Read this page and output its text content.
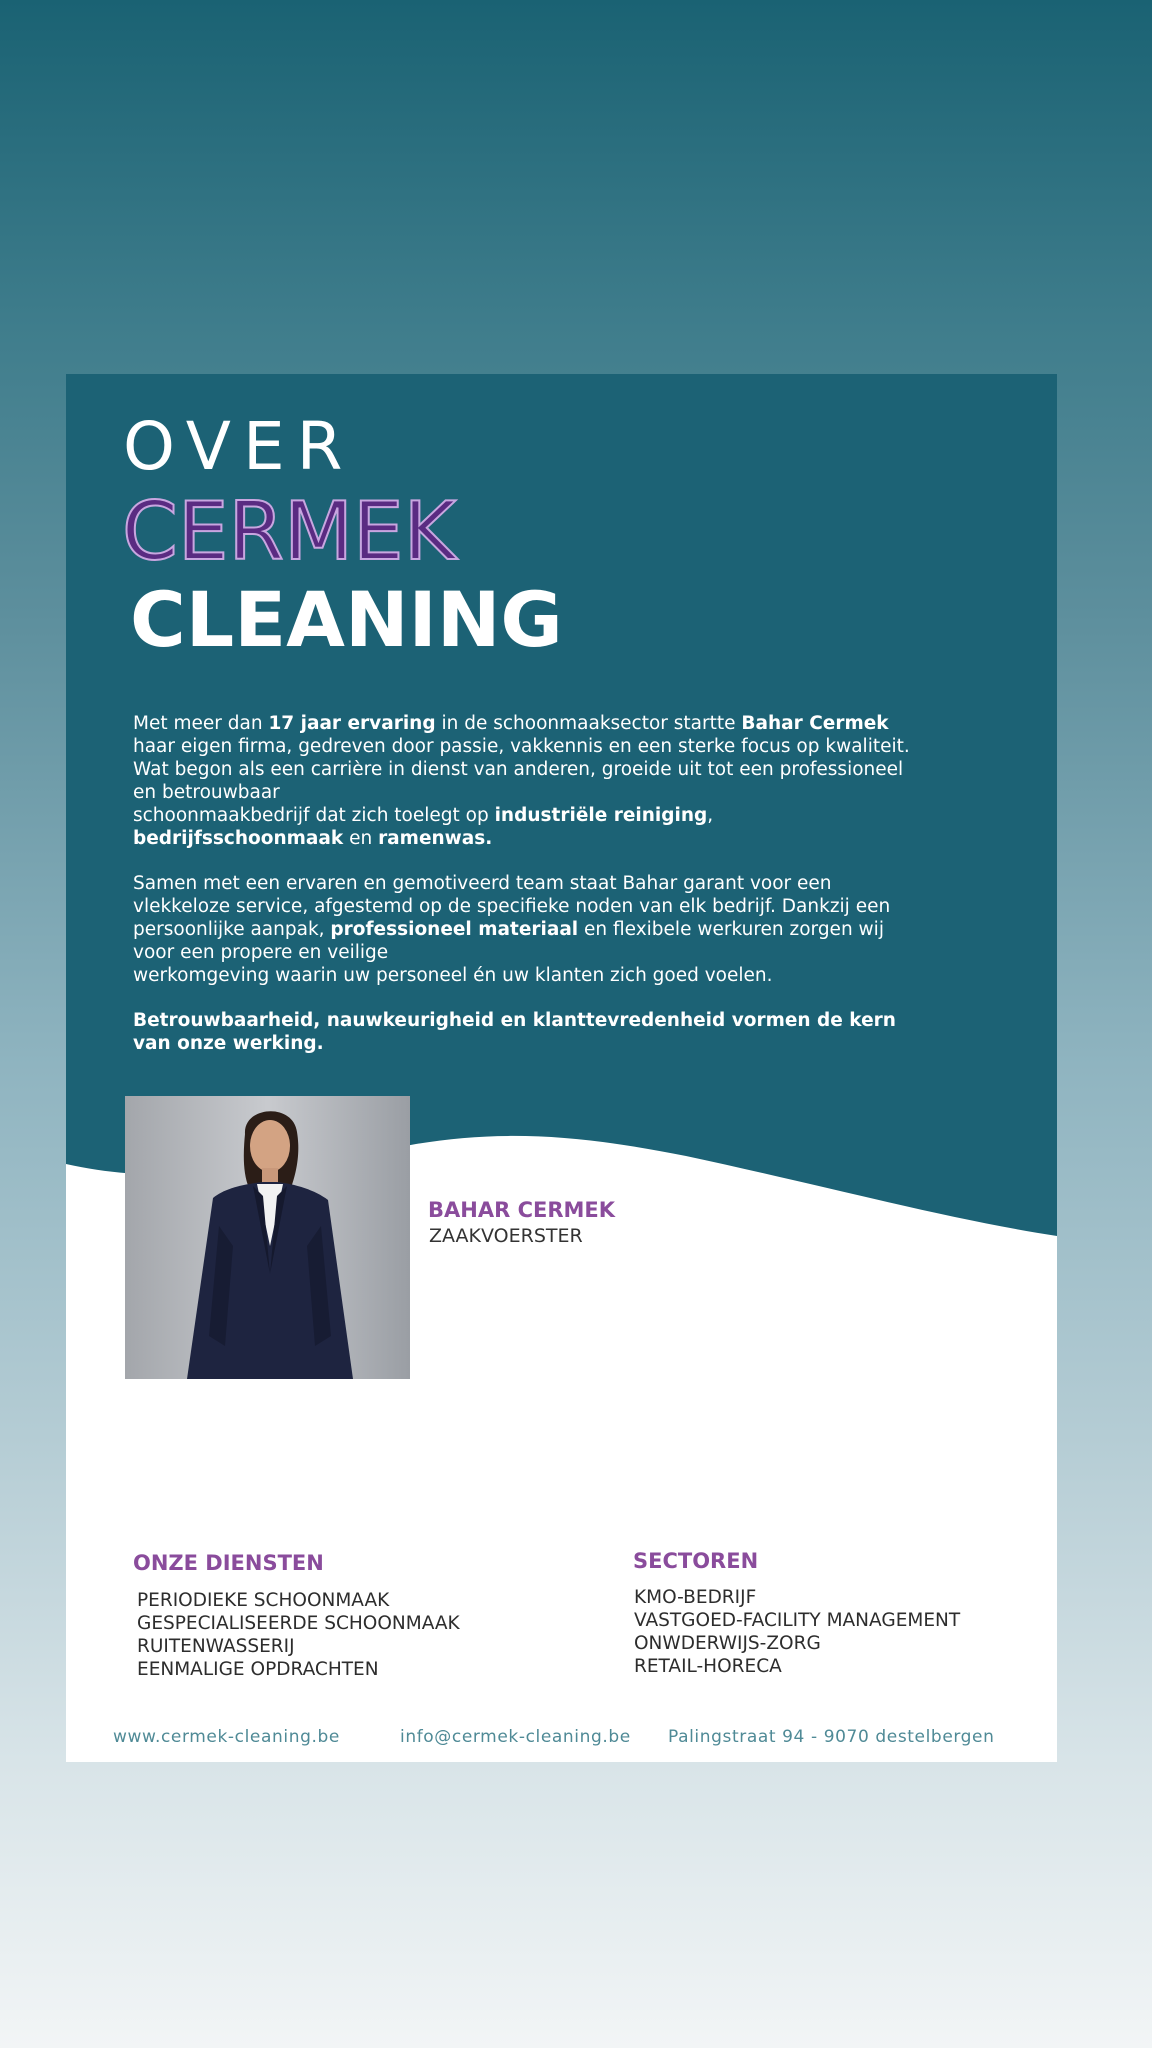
OVER
CERMEK
CLEANING

Met meer dan 17 jaar ervaring in de schoonmaaksector startte Bahar Cermek haar eigen firma, gedreven door passie, vakkennis en een sterke focus op kwaliteit. Wat begon als een carrière in dienst van anderen, groeide uit tot een professioneel en betrouwbaar
schoonmaakbedrijf dat zich toelegt op industriële reiniging, bedrijfsschoonmaak en ramenwas.

Samen met een ervaren en gemotiveerd team staat Bahar garant voor een vlekkeloze service, afgestemd op de specifieke noden van elk bedrijf. Dankzij een persoonlijke aanpak, professioneel materiaal en flexibele werkuren zorgen wij voor een propere en veilige
werkomgeving waarin uw personeel én uw klanten zich goed voelen.

Betrouwbaarheid, nauwkeurigheid en klanttevredenheid vormen de kern van onze werking.

BAHAR CERMEK
ZAAKVOERSTER
ONZE DIENSTEN
PERIODIEKE SCHOONMAAK
GESPECIALISEERDE SCHOONMAAK
RUITENWASSERIJ
EENMALIGE OPDRACHTEN
SECTOREN
KMO-BEDRIJF
VASTGOED-FACILITY MANAGEMENT
ONWDERWIJS-ZORG
RETAIL-HORECA
www.cermek-cleaning.be	info@cermek-cleaning.be Palingstraat 94 - 9070 destelbergen
